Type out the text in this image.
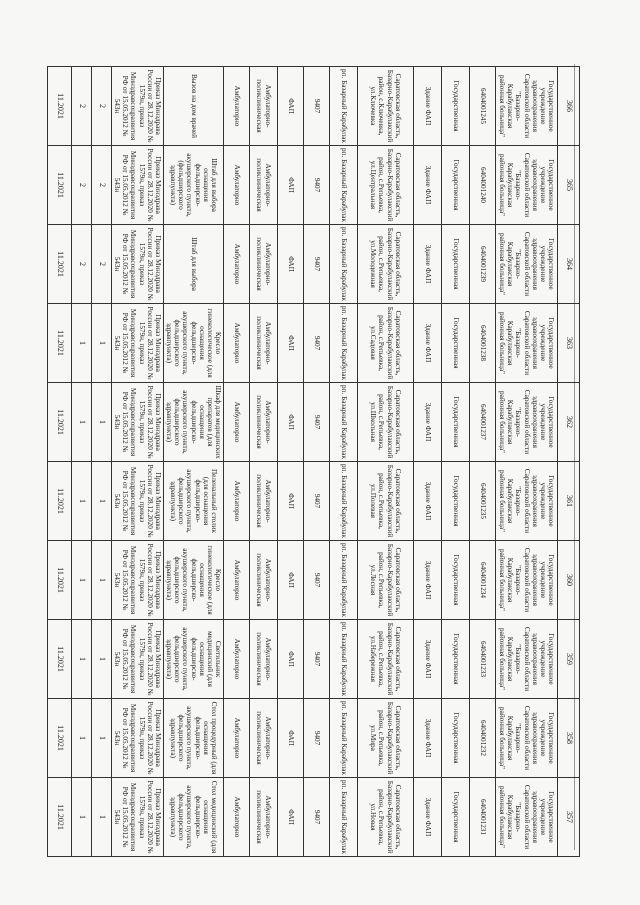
366	365	364	363	362	361	360	359	358	357
Государственное учреждение здравоохранения Саратовской области "Базарно-Карабулакская районная больница"	Государственное учреждение здравоохранения Саратовской области "Базарно-Карабулакская районная больница"	Государственное учреждение здравоохранения Саратовской области "Базарно-Карабулакская районная больница"	Государственное учреждение здравоохранения Саратовской области "Базарно-Карабулакская районная больница"	Государственное учреждение здравоохранения Саратовской области "Базарно-Карабулакская районная больница"	Государственное учреждение здравоохранения Саратовской области "Базарно-Карабулакская районная больница"	Государственное учреждение здравоохранения Саратовской области "Базарно-Карабулакская районная больница"	Государственное учреждение здравоохранения Саратовской области "Базарно-Карабулакская районная больница"	Государственное учреждение здравоохранения Саратовской области "Базарно-Карабулакская районная больница"	Государственное учреждение здравоохранения Саратовской области "Базарно-Карабулакская районная больница"
6404001245	6404001240	6404001239	6404001238	6404001237	6404001235	6404001234	6404001233	6404001232	6404001231
Государственная	Государственная	Государственная	Государственная	Государственная	Государственная	Государственная	Государственная	Государственная	Государственная
Здание ФАП	Здание ФАП	Здание ФАП	Здание ФАП	Здание ФАП	Здание ФАП	Здание ФАП	Здание ФАП	Здание ФАП	Здание ФАП
Саратовская область, Базарно-Карабулакский район, с.Ключевка, ул.Ключевка	Саратовская область, Базарно-Карабулакский район, с.Репьевка, ул.Центральная	Саратовская область, Базарно-Карабулакский район, с.Репьевка, ул.Молодежная	Саратовская область, Базарно-Карабулакский район, с.Репьевка, ул.Садовая	Саратовская область, Базарно-Карабулакский район, с.Репьевка, ул.Школьная	Саратовская область, Базарно-Карабулакский район, с.Репьевка, ул.Полевая	Саратовская область, Базарно-Карабулакский район, с.Репьевка, ул.Лесная	Саратовская область, Базарно-Карабулакский район, с.Репьевка, ул.Набережная	Саратовская область, Базарно-Карабулакский район, с.Репьевка, ул.Мира	Саратовская область, Базарно-Карабулакский район, с.Репьевка, ул.Новая
рп. Базарный Карабулак	рп. Базарный Карабулак	рп. Базарный Карабулак	рп. Базарный Карабулак	рп. Базарный Карабулак	рп. Базарный Карабулак	рп. Базарный Карабулак	рп. Базарный Карабулак	рп. Базарный Карабулак	рп. Базарный Карабулак
9407	9407	9407	9407	9407	9407	9407	9407	9407	9407
ФАП	ФАП	ФАП	ФАП	ФАП	ФАП	ФАП	ФАП	ФАП	ФАП
Амбулаторно-поликлиническая	Амбулаторно-поликлиническая	Амбулаторно-поликлиническая	Амбулаторно-поликлиническая	Амбулаторно-поликлиническая	Амбулаторно-поликлиническая	Амбулаторно-поликлиническая	Амбулаторно-поликлиническая	Амбулаторно-поликлиническая	Амбулаторно-поликлиническая
Амбулаторно	Амбулаторно	Амбулаторно	Амбулаторно	Амбулаторно	Амбулаторно	Амбулаторно	Амбулаторно	Амбулаторно	Амбулаторно
Вызов на дом врачей	Штаб для выбора оснащения фельдшерско-акушерского пункта, (фельдшерского здравпункта)	Штаб для выбора	Кресло гинекологическое (для оснащения фельдшерско-акушерского пункта, фельдшерского здравпункта)	Шкаф для медицинских препаратов (для оснащения фельдшерско-акушерского пункта, фельдшерского здравпункта)	Пеленальный столик (для оснащения фельдшерско-акушерского пункта, фельдшерского здравпункта)	Кресло гинекологическое (для оснащения фельдшерско-акушерского пункта, фельдшерского здравпункта)	Светильник медицинский (для оснащения фельдшерско-акушерского пункта, фельдшерского здравпункта)	Стол процедурный (для оснащения фельдшерско-акушерского пункта, фельдшерского здравпункта)	Стол медицинский (для оснащения фельдшерско-акушерского пункта, фельдшерского здравпункта)
Приказ Минздрава России от 28.12.2020 № 1579н, приказ Минздравсоцразвития РФ от 15.05.2012 № 543н	Приказ Минздрава России от 28.12.2020 № 1579н, приказ Минздравсоцразвития РФ от 15.05.2012 № 543н	Приказ Минздрава России от 28.12.2020 № 1579н, приказ Минздравсоцразвития РФ от 15.05.2012 № 543н	Приказ Минздрава России от 28.12.2020 № 1579н, приказ Минздравсоцразвития РФ от 15.05.2012 № 543н	Приказ Минздрава России от 28.12.2020 № 1579н, приказ Минздравсоцразвития РФ от 15.05.2012 № 543н	Приказ Минздрава России от 28.12.2020 № 1579н, приказ Минздравсоцразвития РФ от 15.05.2012 № 543н	Приказ Минздрава России от 28.12.2020 № 1579н, приказ Минздравсоцразвития РФ от 15.05.2012 № 543н	Приказ Минздрава России от 28.12.2020 № 1579н, приказ Минздравсоцразвития РФ от 15.05.2012 № 543н	Приказ Минздрава России от 28.12.2020 № 1579н, приказ Минздравсоцразвития РФ от 15.05.2012 № 543н	Приказ Минздрава России от 28.12.2020 № 1579н, приказ Минздравсоцразвития РФ от 15.05.2012 № 543н
2	2	2	1	1	1	1	1	1	1
2	2	2	1	1	1	1	1	1	1
11.2021	11.2021	11.2021	11.2021	11.2021	11.2021	11.2021	11.2021	11.2021	11.2021
